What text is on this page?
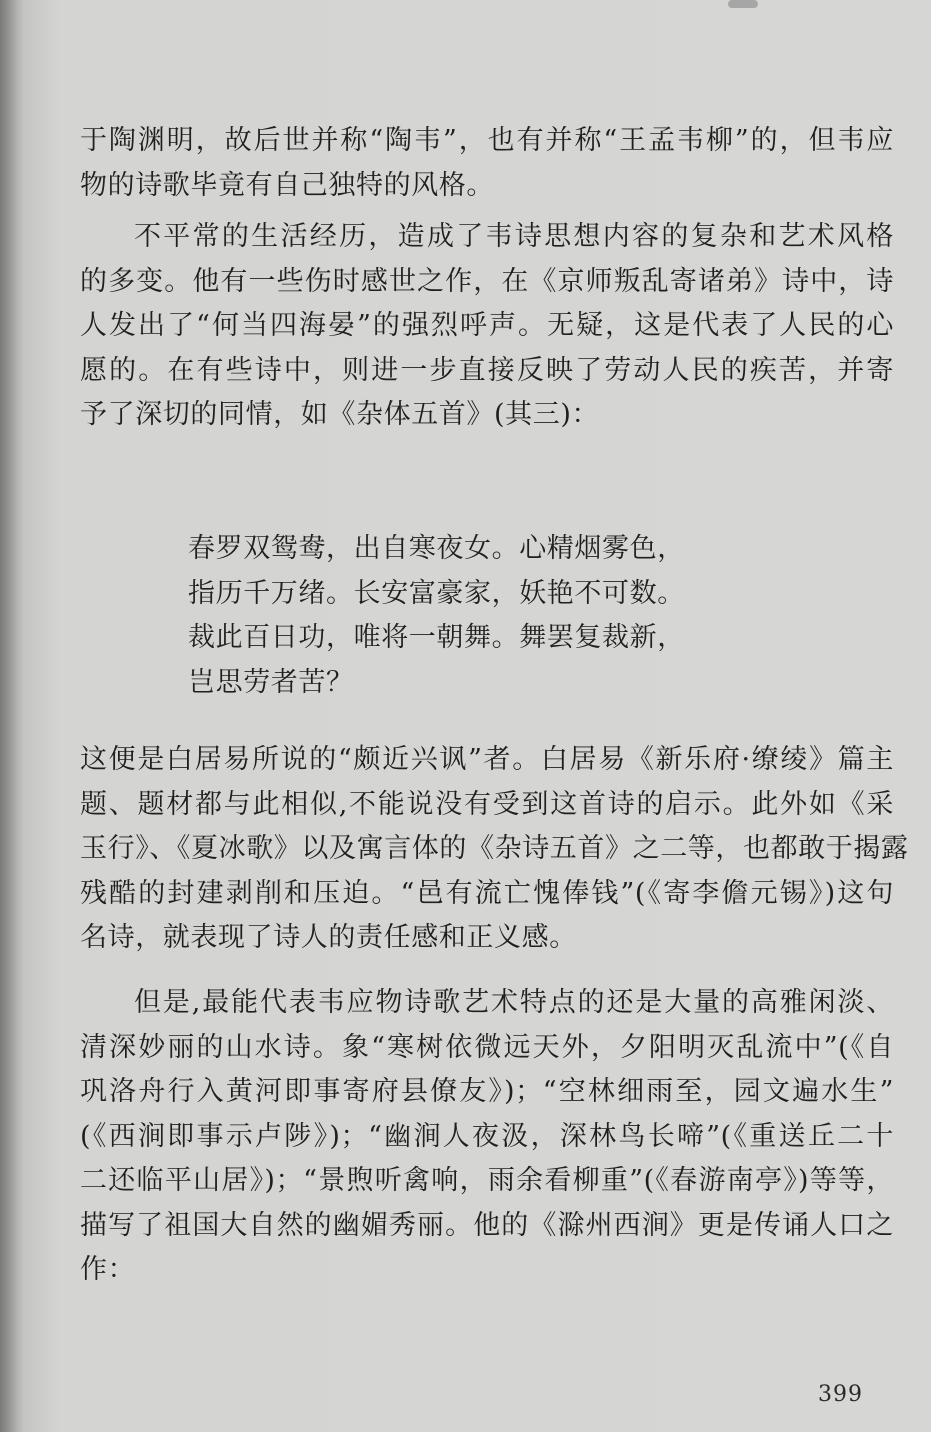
于陶渊明，故后世并称“陶韦”，也有并称“王孟韦柳”的，但韦应
物的诗歌毕竟有自己独特的风格。
不平常的生活经历，造成了韦诗思想内容的复杂和艺术风格
的多变。他有一些伤时感世之作，在《京师叛乱寄诸弟》诗中，诗
人发出了“何当四海晏”的强烈呼声。无疑，这是代表了人民的心
愿的。在有些诗中，则进一步直接反映了劳动人民的疾苦，并寄
予了深切的同情，如《杂体五首》(其三)：
春罗双鸳鸯，出自寒夜女。心精烟雾色，
指历千万绪。长安富豪家，妖艳不可数。
裁此百日功，唯将一朝舞。舞罢复裁新，
岂思劳者苦？
这便是白居易所说的“颇近兴讽”者。白居易《新乐府·缭绫》篇主
题、题材都与此相似,不能说没有受到这首诗的启示。此外如《采
玉行》、《夏冰歌》以及寓言体的《杂诗五首》之二等，也都敢于揭露
残酷的封建剥削和压迫。“邑有流亡愧俸钱”(《寄李儋元锡》)这句
名诗，就表现了诗人的责任感和正义感。
但是,最能代表韦应物诗歌艺术特点的还是大量的高雅闲淡、
清深妙丽的山水诗。象“寒树依微远天外，夕阳明灭乱流中”(《自
巩洛舟行入黄河即事寄府县僚友》)；“空林细雨至，园文遍水生”
(《西涧即事示卢陟》)；“幽涧人夜汲，深林鸟长啼”(《重送丘二十
二还临平山居》)；“景煦听禽响，雨余看柳重”(《春游南亭》)等等，
描写了祖国大自然的幽媚秀丽。他的《滁州西涧》更是传诵人口之
作：
399
